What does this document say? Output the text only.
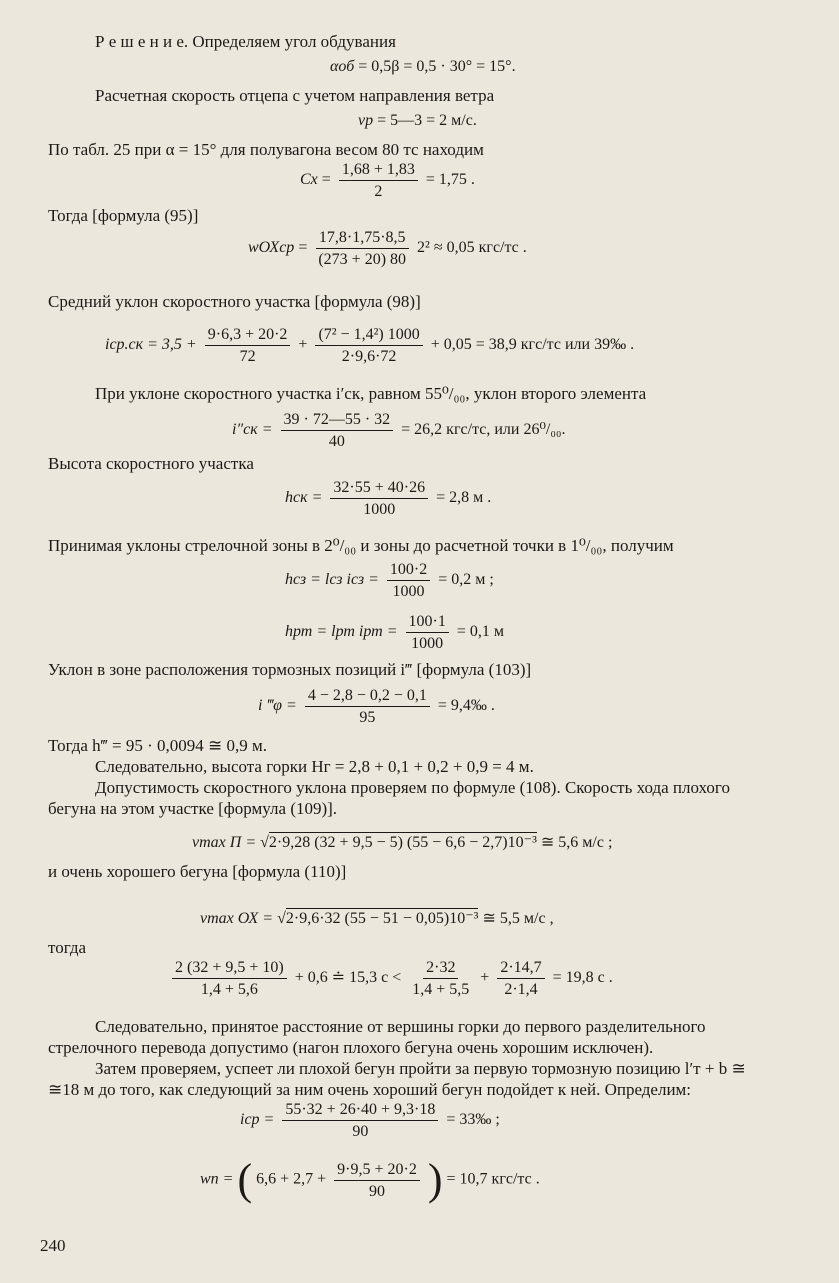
Р е ш е н и е. Определяем угол обдувания
αоб = 0,5β = 0,5 · 30° = 15°.
Расчетная скорость отцепа с учетом направления ветра
vр = 5—3 = 2 м/с.
По табл. 25 при α = 15° для полувагона весом 80 тс находим
Cх = $\frac{1,68 + 1,83}{2} = 1,75$ .
Тогда [формула (95)]
wОХср = $\frac{17,8\cdot 1,75\cdot 8,5}{(273 + 20) 80} 2^2 \approx 0,05$ кгс/тс .
Средний уклон скоростного участка [формула (98)]
$iср.ск = 3,5 + \frac{9\cdot 6,3 + 20\cdot 2}{72} + \frac{\text{(7² − 1,4²) 1000}}{2\cdot 9,6\cdot 72} + 0,05 = 38,9$ кгс/тс или 39‰ .
При уклоне скоростного участка i′ск, равном 55⁰/₀₀, уклон второго элемента
$i''ск = \frac{39 \cdot 72—55 \cdot 32}{40} = 26,2$ кгс/тс, или 26⁰/₀₀.
Высота скоростного участка
hск = $\frac{32\cdot 55 + 40\cdot 26}{1000} = 2,8$ м .
Принимая уклоны стрелочной зоны в 2⁰/₀₀ и зоны до расчетной точки в 1⁰/₀₀, получим
hсз = lсз iсз = $\frac{100\cdot 2}{1000} = 0,2$ м ;
hрт = lрт iрт = $\frac{100\cdot 1}{1000} = 0,1$ м
Уклон в зоне расположения тормозных позиций i‴ [формула (103)]
i ‴φ = $\frac{4 - 2,8 - 0,2 - 0,1}{95}$ = 9,4‰ .
Тогда h‴ = 95 · 0,0094 ≅ 0,9 м.
Следовательно, высота горки Hг = 2,8 + 0,1 + 0,2 + 0,9 = 4 м.
Допустимость скоростного уклона проверяем по формуле (108). Скорость хода плохого
бегуна на этом участке [формула (109)].
vmax П = √2·9,28 (32 + 9,5 − 5) (55 − 6,6 − 2,7)10⁻³ ≅ 5,6 м/с ;
и очень хорошего бегуна [формула (110)]
vmax ОХ = √2·9,6·32 (55 − 51 − 0,05)10⁻³ ≅ 5,5 м/с ,
тогда
$\frac{2 (32 + 9,5 + 10)}{1,4 + 5,6} + 0,6$ ≐ 15,3 $с < \frac{2\cdot 32}{1,4 + 5,5} + \frac{2\cdot 14,7}{2\cdot 1,4} = 19,8$ с .
Следовательно, принятое расстояние от вершины горки до первого разделительного
стрелочного перевода допустимо (нагон плохого бегуна очень хорошим исключен).
Затем проверяем, успеет ли плохой бегун пройти за первую тормозную позицию l′т + b ≅
≅18 м до того, как следующий за ним очень хороший бегун подойдет к ней. Определим:
iср = $\frac{55\cdot 32 + 26\cdot 40 + 9,3\cdot 18}{90}$ = 33‰ ;
wп = ( $6,6 + 2,7 + \frac{9\cdot 9,5 + 20\cdot 2}{90}$ ) = 10,7 кгс/тс .
240
